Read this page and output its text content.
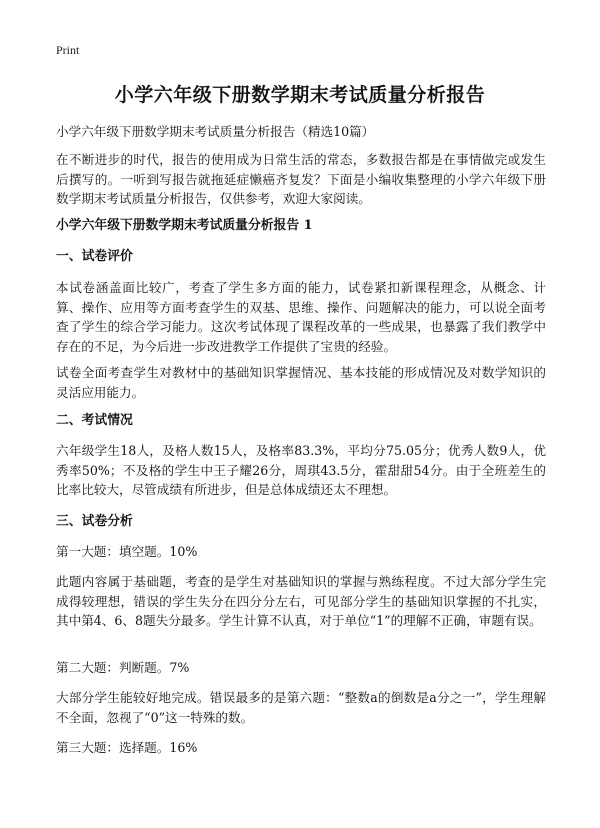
Print
小学六年级下册数学期末考试质量分析报告
小学六年级下册数学期末考试质量分析报告（精选10篇）
在不断进步的时代，报告的使用成为日常生活的常态，多数报告都是在事情做完或发生后撰写的。一听到写报告就拖延症懒癌齐复发？下面是小编收集整理的小学六年级下册数学期末考试质量分析报告，仅供参考，欢迎大家阅读。
小学六年级下册数学期末考试质量分析报告 1
一、试卷评价
本试卷涵盖面比较广，考查了学生多方面的能力，试卷紧扣新课程理念，从概念、计算、操作、应用等方面考查学生的双基、思维、操作、问题解决的能力，可以说全面考查了学生的综合学习能力。这次考试体现了课程改革的一些成果，也暴露了我们教学中存在的不足，为今后进一步改进教学工作提供了宝贵的经验。
试卷全面考查学生对教材中的基础知识掌握情况、基本技能的形成情况及对数学知识的灵活应用能力。
二、考试情况
六年级学生18人，及格人数15人，及格率83.3%，平均分75.05分；优秀人数9人，优秀率50%；不及格的学生中王子耀26分，周琪43.5分，霍甜甜54分。由于全班差生的比率比较大，尽管成绩有所进步，但是总体成绩还太不理想。
三、试卷分析
第一大题：填空题。10%
此题内容属于基础题，考查的是学生对基础知识的掌握与熟练程度。不过大部分学生完成得较理想，错误的学生失分在四分分左右，可见部分学生的基础知识掌握的不扎实，其中第4、6、8题失分最多。学生计算不认真，对于单位“1”的理解不正确，审题有误。
第二大题：判断题。7%
大部分学生能较好地完成。错误最多的是第六题：“整数a的倒数是a分之一”，学生理解不全面，忽视了“0”这一特殊的数。
第三大题：选择题。16%
